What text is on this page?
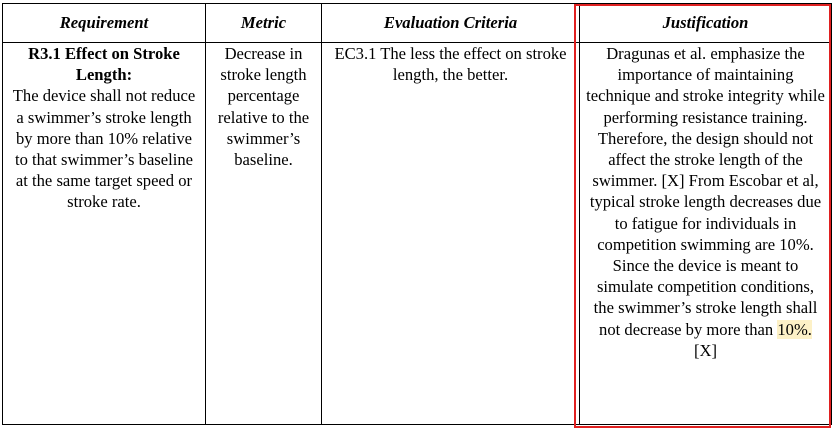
Requirement	Metric	Evaluation Criteria	Justification

R3.1 Effect on Stroke Length:
The device shall not reduce a swimmer’s stroke length by more than 10% relative to that swimmer’s baseline at the same target speed or stroke rate.	Decrease in stroke length percentage relative to the swimmer’s baseline.	EC3.1 The less the effect on stroke length, the better.	Dragunas et al. emphasize the importance of maintaining technique and stroke integrity while performing resistance training. Therefore, the design should not affect the stroke length of the swimmer. [X] From Escobar et al, typical stroke length decreases due to fatigue for individuals in competition swimming are 10%. Since the device is meant to simulate competition conditions, the swimmer’s stroke length shall not decrease by more than 10%. [X]
